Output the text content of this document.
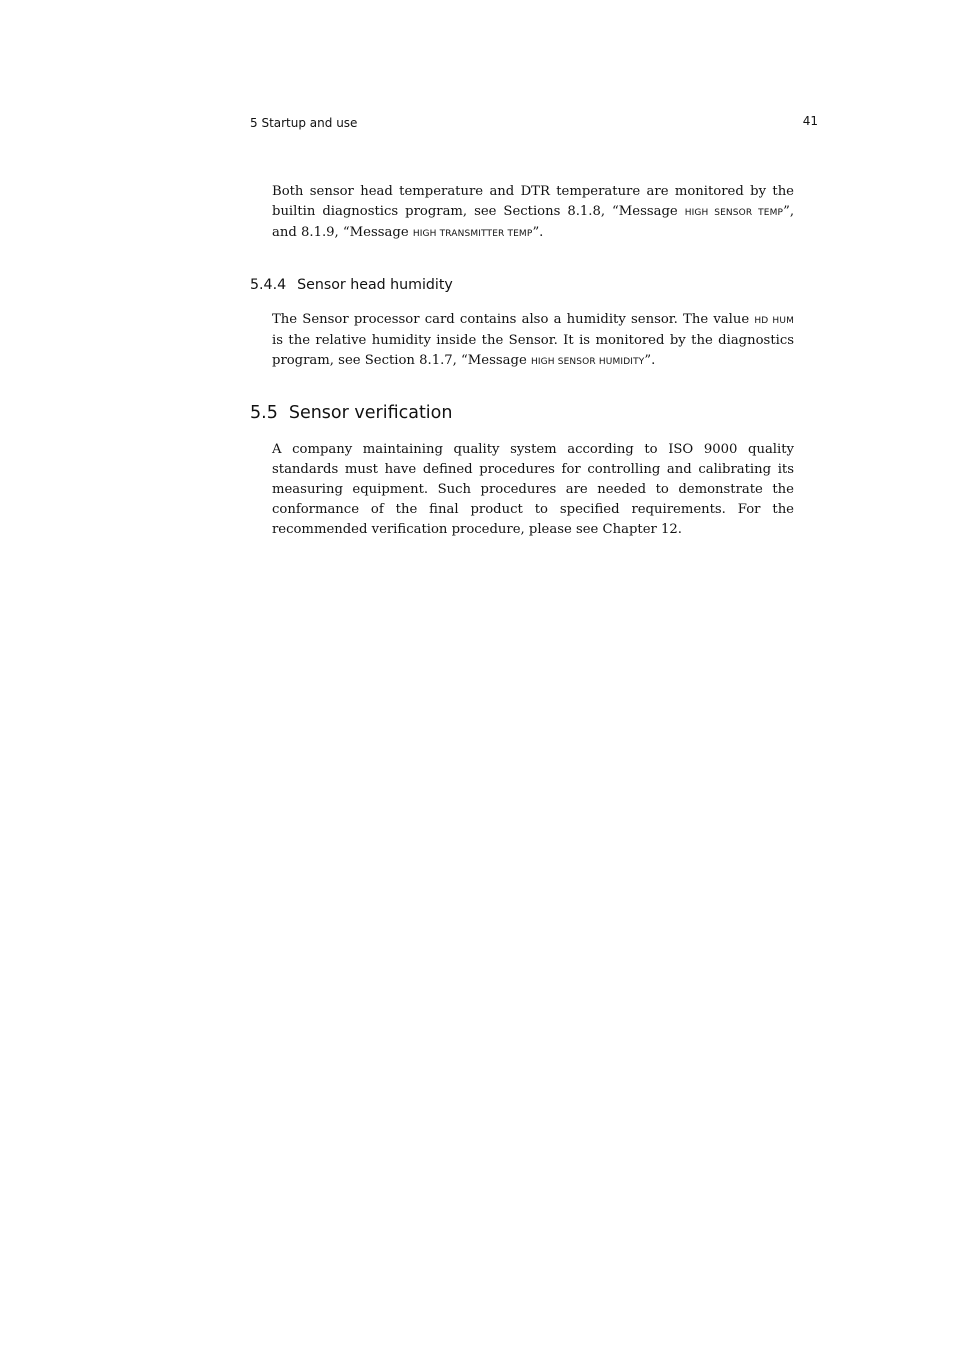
5 Startup and use	41

Both sensor head temperature and DTR temperature are monitored by the builtin diagnostics program, see Sections 8.1.8, “Message HIGH SENSOR TEMP”, and 8.1.9, “Message HIGH TRANSMITTER TEMP”.

5.4.4 Sensor head humidity

The Sensor processor card contains also a humidity sensor. The value HD HUM is the relative humidity inside the Sensor. It is monitored by the diagnostics program, see Section 8.1.7, “Message HIGH SENSOR HUMIDITY”.

5.5 Sensor verification

A company maintaining quality system according to ISO 9000 quality standards must have defined procedures for controlling and calibrating its measuring equipment. Such procedures are needed to demonstrate the conformance of the final product to specified requirements. For the recommended verification procedure, please see Chapter 12.
